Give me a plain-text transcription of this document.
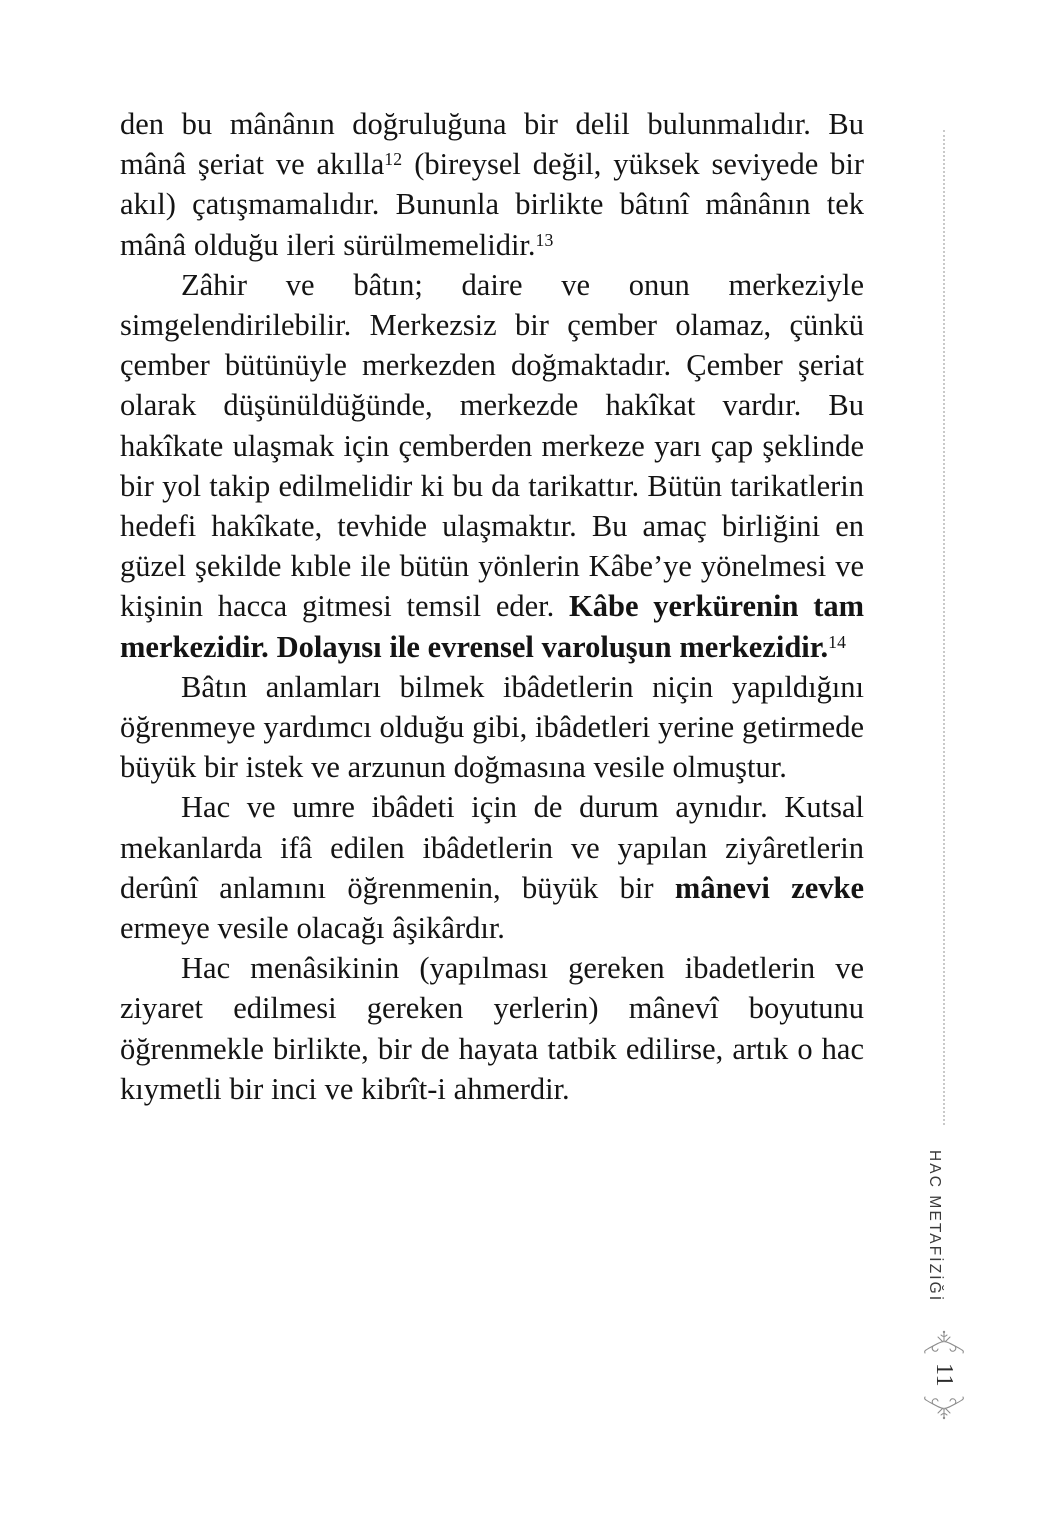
den bu mânânın doğruluğuna bir delil bulunmalıdır. Bu mânâ şeriat ve akılla$^{12}$ (bireysel değil, yüksek seviyede bir akıl) çatışmamalıdır. Bununla birlikte bâtınî mânânın tek mânâ olduğu ileri sürülmemelidir.$^{13}$

Zâhir ve bâtın; daire ve onun merkeziyle simgelendirilebilir. Merkezsiz bir çember olamaz, çünkü çember bütünüyle merkezden doğmaktadır. Çember şeriat olarak düşünüldüğünde, merkezde hakîkat vardır. Bu hakîkate ulaşmak için çemberden merkeze yarı çap şeklinde bir yol takip edilmelidir ki bu da tarikattır. Bütün tarikatlerin hedefi hakîkate, tevhide ulaşmaktır. Bu amaç birliğini en güzel şekilde kıble ile bütün yönlerin Kâbe’ye yönelmesi ve kişinin hacca gitmesi temsil eder. Kâbe yerkürenin tam merkezidir. Dolayısı ile evrensel varoluşun merkezidir.$^{14}$

Bâtın anlamları bilmek ibâdetlerin niçin yapıldığını öğrenmeye yardımcı olduğu gibi, ibâdetleri yerine getirmede büyük bir istek ve arzunun doğmasına vesile olmuştur.

Hac ve umre ibâdeti için de durum aynıdır. Kutsal mekanlarda ifâ edilen ibâdetlerin ve yapılan ziyâretlerin derûnî anlamını öğrenmenin, büyük bir mânevi zevke ermeye vesile olacağı âşikârdır.

Hac menâsikinin (yapılması gereken ibadetlerin ve ziyaret edilmesi gereken yerlerin) mânevî boyutunu öğrenmekle birlikte, bir de hayata tatbik edilirse, artık o hac kıymetli bir inci ve kibrît-i ahmerdir.

HAC METAFİZİĞİ
11
